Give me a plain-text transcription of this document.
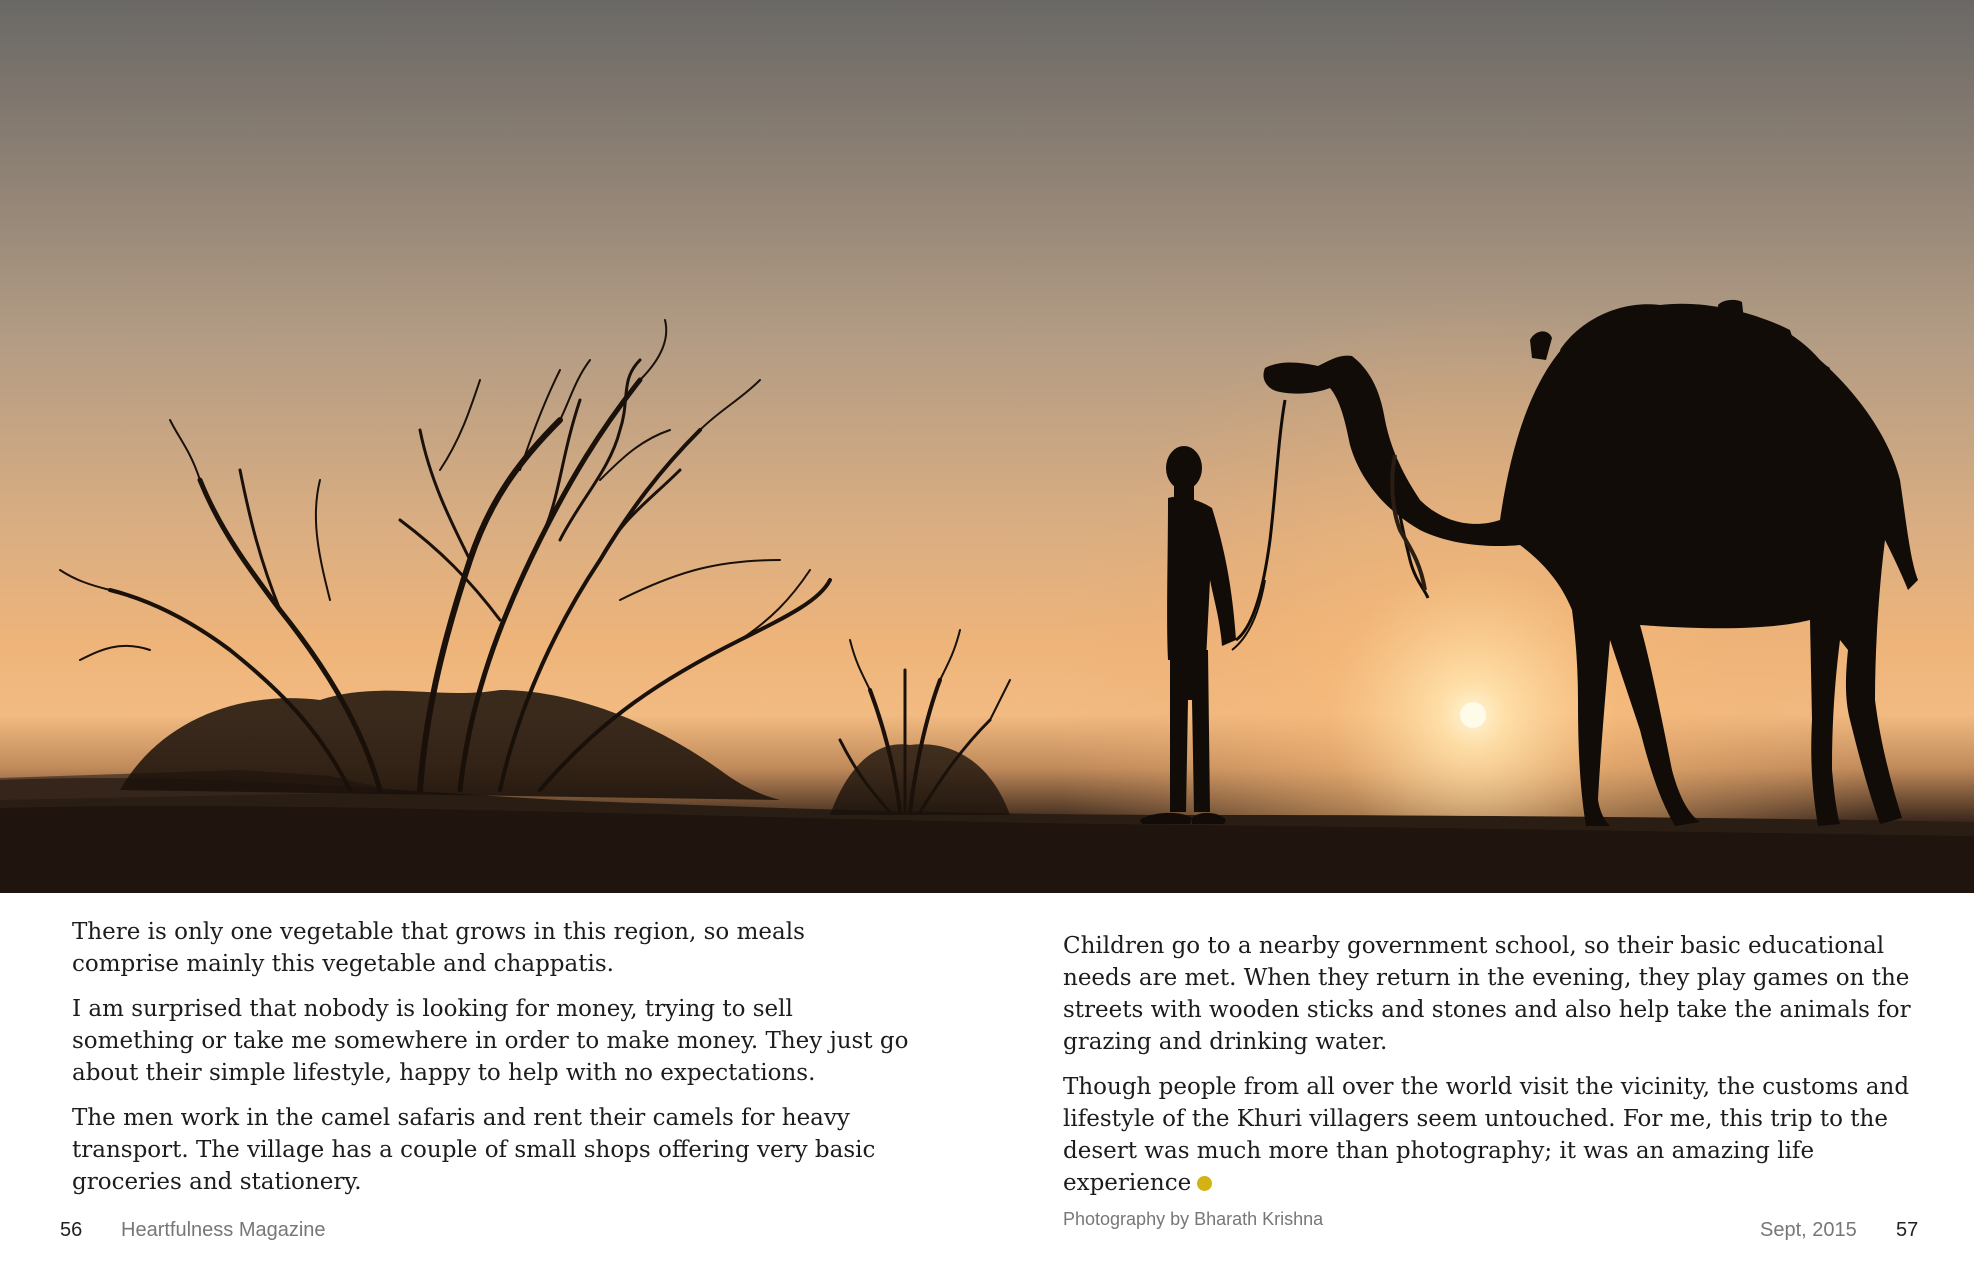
There is only one vegetable that grows in this region, so meals comprise mainly this vegetable and chappatis.

I am surprised that nobody is looking for money, trying to sell something or take me somewhere in order to make money. They just go about their simple lifestyle, happy to help with no expectations.

The men work in the camel safaris and rent their camels for heavy transport. The village has a couple of small shops offering very basic groceries and stationery.

Children go to a nearby government school, so their basic educational needs are met. When they return in the evening, they play games on the streets with wooden sticks and stones and also help take the animals for grazing and drinking water.

Though people from all over the world visit the vicinity, the customs and lifestyle of the Khuri villagers seem untouched. For me, this trip to the desert was much more than photography; it was an amazing life experience

56 Heartfulness Magazine	Photography by Bharath Krishna	Sept, 2015 57
